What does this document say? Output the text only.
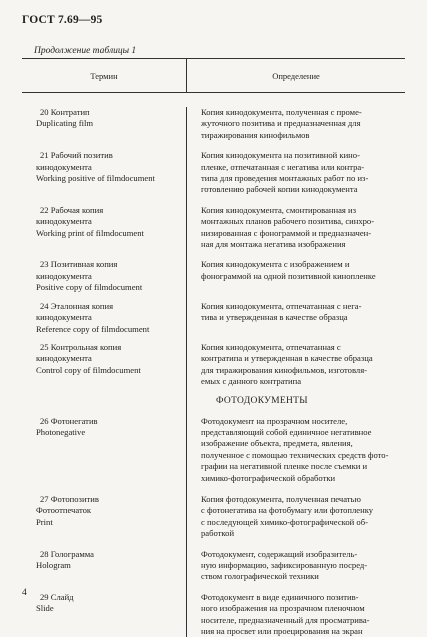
ГОСТ 7.69—95
Продолжение таблицы 1
Термин	Определение
20 Контратип
Duplicating film
Копия кинодокумента, полученная с проме-
жуточного позитива и предназначенная для
тиражирования кинофильмов
21 Рабочий позитив
кинодокумента
Working positive of filmdocument
Копия кинодокумента на позитивной кино-
пленке, отпечатанная с негатива или контра-
типа для проведения монтажных работ по из-
готовлению рабочей копии кинодокумента
22 Рабочая копия
кинодокумента
Working print of filmdocument
Копия кинодокумента, смонтированная из
монтажных планов рабочего позитива, синхро-
низированная с фонограммой и предназначен-
ная для монтажа негатива изображения
23 Позитивная копия
кинодокумента
Positive copy of filmdocument
Копия кинодокумента с изображением и
фонограммой на одной позитивной кинопленке
24 Эталонная копия
кинодокумента
Reference copy of filmdocument
Копия кинодокумента, отпечатанная с нега-
тива и утвержденная в качестве образца
25 Контрольная копия
кинодокумента
Control copy of filmdocument
Копия кинодокумента, отпечатанная с
контратипа и утвержденная в качестве образца
для тиражирования кинофильмов, изготовля-
емых с данного контратипа
ФОТОДОКУМЕНТЫ
26 Фотонегатив
Photonegative
Фотодокумент на прозрачном носителе,
представляющий собой единичное негативное
изображение объекта, предмета, явления,
полученное с помощью технических средств фото-
графии на негативной пленке после съемки и
химико-фотографической обработки
27 Фотопозитив
Фотоотпечаток
Print
Копия фотодокумента, полученная печатью
с фотонегатива на фотобумагу или фотопленку
с последующей химико-фотографической об-
работкой
28 Голограмма
Hologram
Фотодокумент, содержащий изобразитель-
ную информацию, зафиксированную посред-
ством голографической техники
29 Слайд
Slide
Фотодокумент в виде единичного позитив-
ного изображения на прозрачном пленочном
носителе, предназначенный для просматрива-
ния на просвет или проецирования на экран
4
